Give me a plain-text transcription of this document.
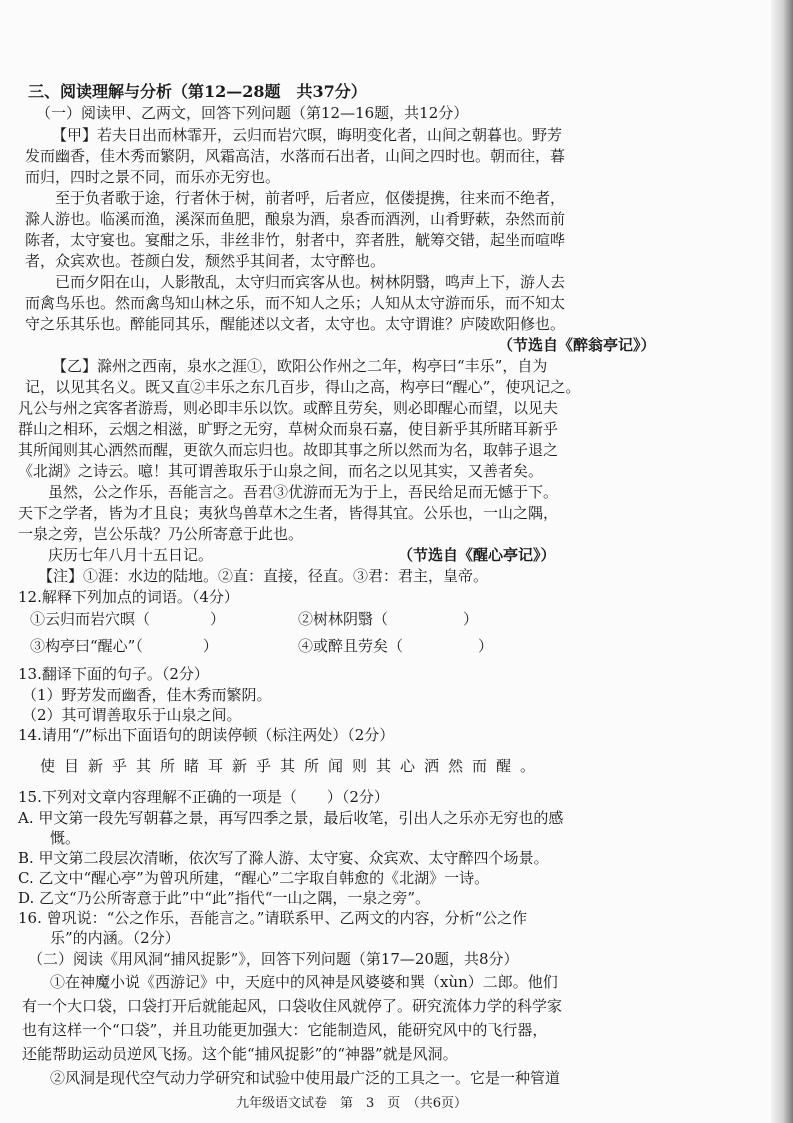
三、阅读理解与分析（第12—28题　共37分）
（一）阅读甲、乙两文，回答下列问题（第12—16题，共12分）
【甲】若夫日出而林霏开，云归而岩穴暝，晦明变化者，山间之朝暮也。野芳
发而幽香，佳木秀而繁阴，风霜高洁，水落而石出者，山间之四时也。朝而往，暮
而归，四时之景不同，而乐亦无穷也。
至于负者歌于途，行者休于树，前者呼，后者应，伛偻提携，往来而不绝者，
滁人游也。临溪而渔，溪深而鱼肥，酿泉为酒，泉香而酒洌，山肴野蔌，杂然而前
陈者，太守宴也。宴酣之乐，非丝非竹，射者中，弈者胜，觥筹交错，起坐而喧哗
者，众宾欢也。苍颜白发，颓然乎其间者，太守醉也。
已而夕阳在山，人影散乱，太守归而宾客从也。树林阴翳，鸣声上下，游人去
而禽鸟乐也。然而禽鸟知山林之乐，而不知人之乐；人知从太守游而乐，而不知太
守之乐其乐也。醉能同其乐，醒能述以文者，太守也。太守谓谁？庐陵欧阳修也。
（节选自《醉翁亭记》）
【乙】滁州之西南，泉水之涯①，欧阳公作州之二年，构亭曰“丰乐”，自为
记，以见其名义。既又直②丰乐之东几百步，得山之高，构亭曰“醒心”，使巩记之。
凡公与州之宾客者游焉，则必即丰乐以饮。或醉且劳矣，则必即醒心而望，以见夫
群山之相环，云烟之相滋，旷野之无穷，草树众而泉石嘉，使目新乎其所睹耳新乎
其所闻则其心洒然而醒，更欲久而忘归也。故即其事之所以然而为名，取韩子退之
《北湖》之诗云。噫！其可谓善取乐于山泉之间，而名之以见其实，又善者矣。
虽然，公之作乐，吾能言之。吾君③优游而无为于上，吾民给足而无憾于下。
天下之学者，皆为才且良；夷狄鸟兽草木之生者，皆得其宜。公乐也，一山之隅，
一泉之旁，岂公乐哉？乃公所寄意于此也。
庆历七年八月十五日记。	（节选自《醒心亭记》）
【注】①涯：水边的陆地。②直：直接，径直。③君：君主，皇帝。
12.解释下列加点的词语。（4分）
①云归而岩穴暝（　　　　）	②树林阴翳（　　　　　）
③构亭曰“醒心”（　　　　）	④或醉且劳矣（　　　　　）
13.翻译下面的句子。（2分）
（1）野芳发而幽香，佳木秀而繁阴。
（2）其可谓善取乐于山泉之间。
14.请用“/”标出下面语句的朗读停顿（标注两处）（2分）
使目新乎其所睹耳新乎其所闻则其心洒然而醒。
15.下列对文章内容理解不正确的一项是（　　）（2分）
A. 甲文第一段先写朝暮之景，再写四季之景，最后收笔，引出人之乐亦无穷也的感
慨。
B. 甲文第二段层次清晰，依次写了滁人游、太守宴、众宾欢、太守醉四个场景。
C. 乙文中“醒心亭”为曾巩所建，“醒心”二字取自韩愈的《北湖》一诗。
D. 乙文“乃公所寄意于此”中“此”指代“一山之隅，一泉之旁”。
16. 曾巩说：“公之作乐，吾能言之。”请联系甲、乙两文的内容，分析“公之作
乐”的内涵。（2分）
（二）阅读《用风洞“捕风捉影”》，回答下列问题（第17—20题，共8分）
①在神魔小说《西游记》中，天庭中的风神是风婆婆和巽（xùn）二郎。他们
有一个大口袋，口袋打开后就能起风，口袋收住风就停了。研究流体力学的科学家
也有这样一个“口袋”，并且功能更加强大：它能制造风，能研究风中的飞行器，
还能帮助运动员逆风飞扬。这个能“捕风捉影”的“神器”就是风洞。
②风洞是现代空气动力学研究和试验中使用最广泛的工具之一。它是一种管道
九年级语文试卷　第　3　页　（共6页）
